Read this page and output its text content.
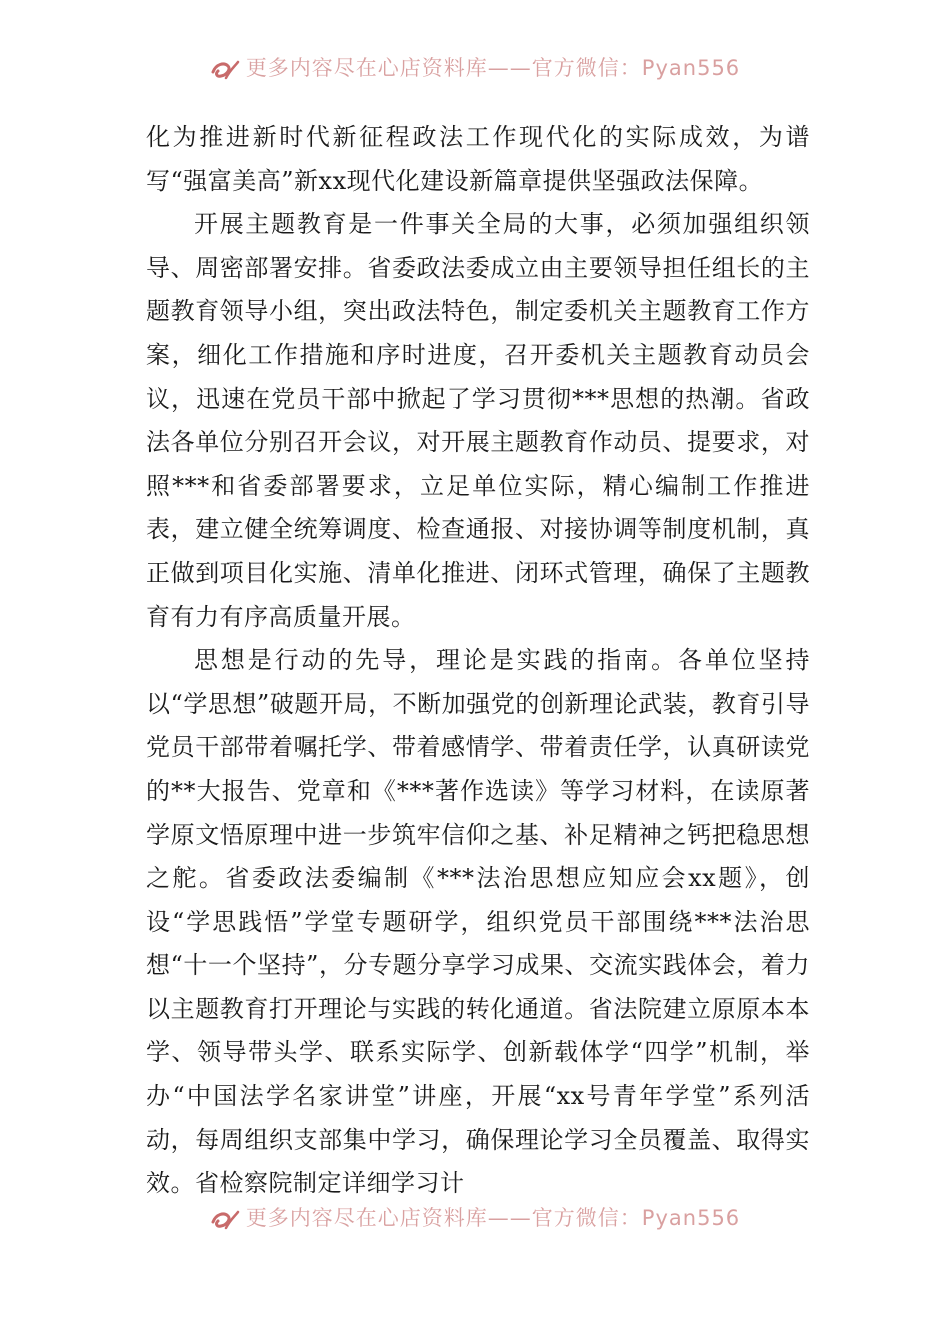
更多内容尽在心店资料库——官方微信：Pyan556

化为推进新时代新征程政法工作现代化的实际成效，为谱写“强富美高”新xx现代化建设新篇章提供坚强政法保障。

开展主题教育是一件事关全局的大事，必须加强组织领导、周密部署安排。省委政法委成立由主要领导担任组长的主题教育领导小组，突出政法特色，制定委机关主题教育工作方案，细化工作措施和序时进度，召开委机关主题教育动员会议，迅速在党员干部中掀起了学习贯彻***思想的热潮。省政法各单位分别召开会议，对开展主题教育作动员、提要求，对照***和省委部署要求，立足单位实际，精心编制工作推进表，建立健全统筹调度、检查通报、对接协调等制度机制，真正做到项目化实施、清单化推进、闭环式管理，确保了主题教育有力有序高质量开展。

思想是行动的先导，理论是实践的指南。各单位坚持以“学思想”破题开局，不断加强党的创新理论武装，教育引导党员干部带着嘱托学、带着感情学、带着责任学，认真研读党的**大报告、党章和《***著作选读》等学习材料，在读原著学原文悟原理中进一步筑牢信仰之基、补足精神之钙把稳思想之舵。省委政法委编制《***法治思想应知应会xx题》，创设“学思践悟”学堂专题研学，组织党员干部围绕***法治思想“十一个坚持”，分专题分享学习成果、交流实践体会，着力以主题教育打开理论与实践的转化通道。省法院建立原原本本学、领导带头学、联系实际学、创新载体学“四学”机制，举办“中国法学名家讲堂”讲座，开展“xx号青年学堂”系列活动，每周组织支部集中学习，确保理论学习全员覆盖、取得实效。省检察院制定详细学习计

更多内容尽在心店资料库——官方微信：Pyan556
